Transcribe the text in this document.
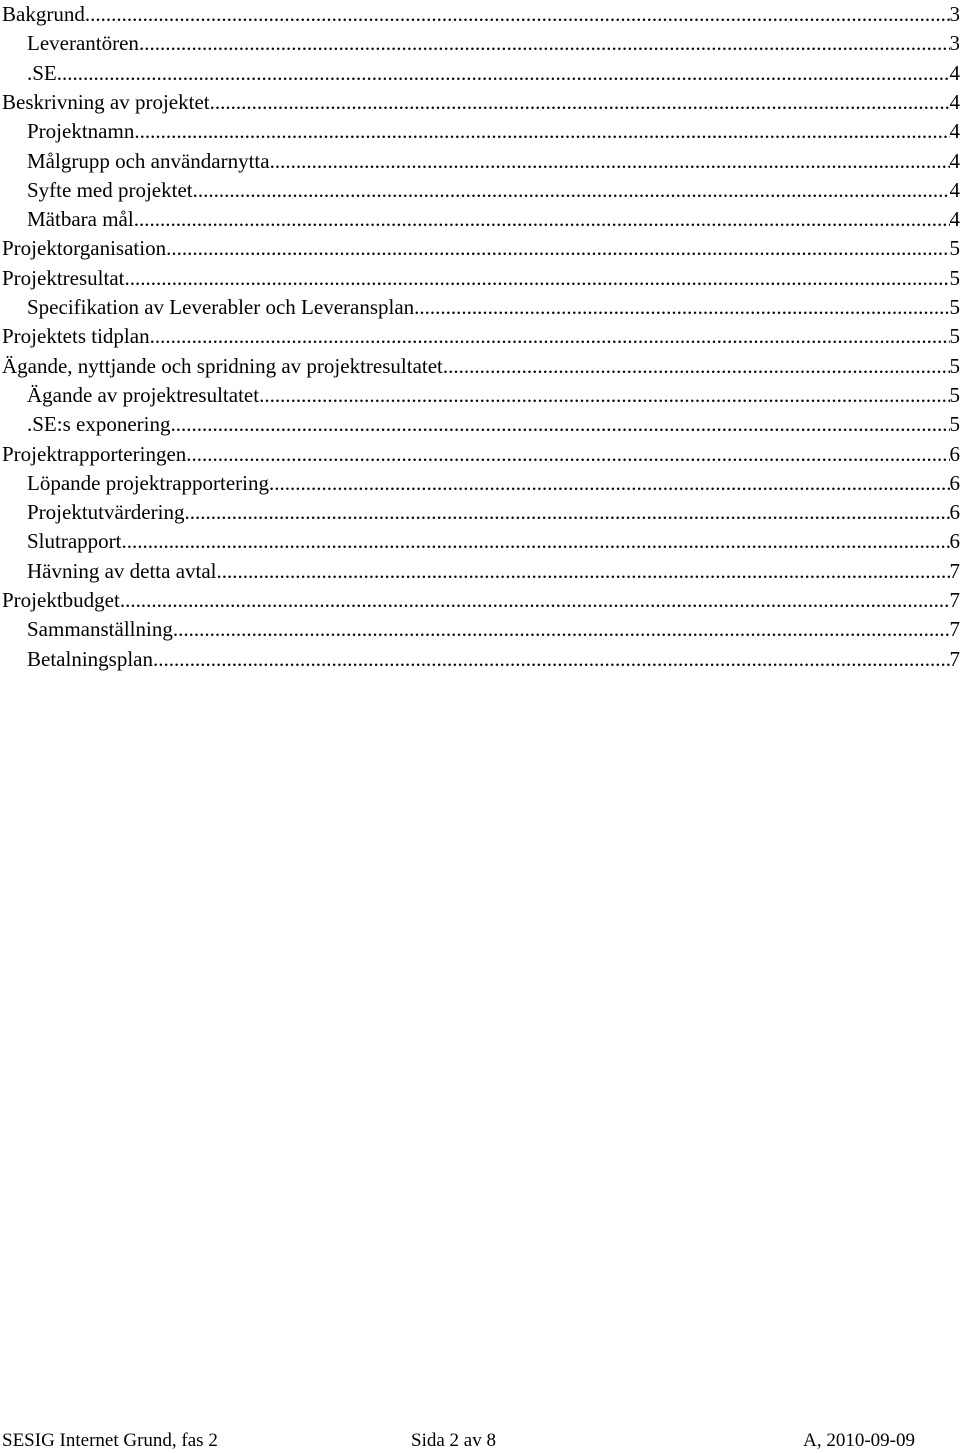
Bakgrund .....	3
Leverantören .....	3
.SE .....	4
Beskrivning av projektet .....	4
Projektnamn .....	4
Målgrupp och användarnytta .....	4
Syfte med projektet .....	4
Mätbara mål .....	4
Projektorganisation .....	5
Projektresultat .....	5
Specifikation av Leverabler och Leveransplan .....	5
Projektets tidplan .....	5
Ägande, nyttjande och spridning av projektresultatet .....	5
Ägande av projektresultatet .....	5
.SE:s exponering .....	5
Projektrapporteringen .....	6
Löpande projektrapportering .....	6
Projektutvärdering .....	6
Slutrapport .....	6
Hävning av detta avtal .....	7
Projektbudget .....	7
Sammanställning .....	7
Betalningsplan .....	7
SESIG Internet Grund, fas 2	Sida 2 av 8	A, 2010-09-09
